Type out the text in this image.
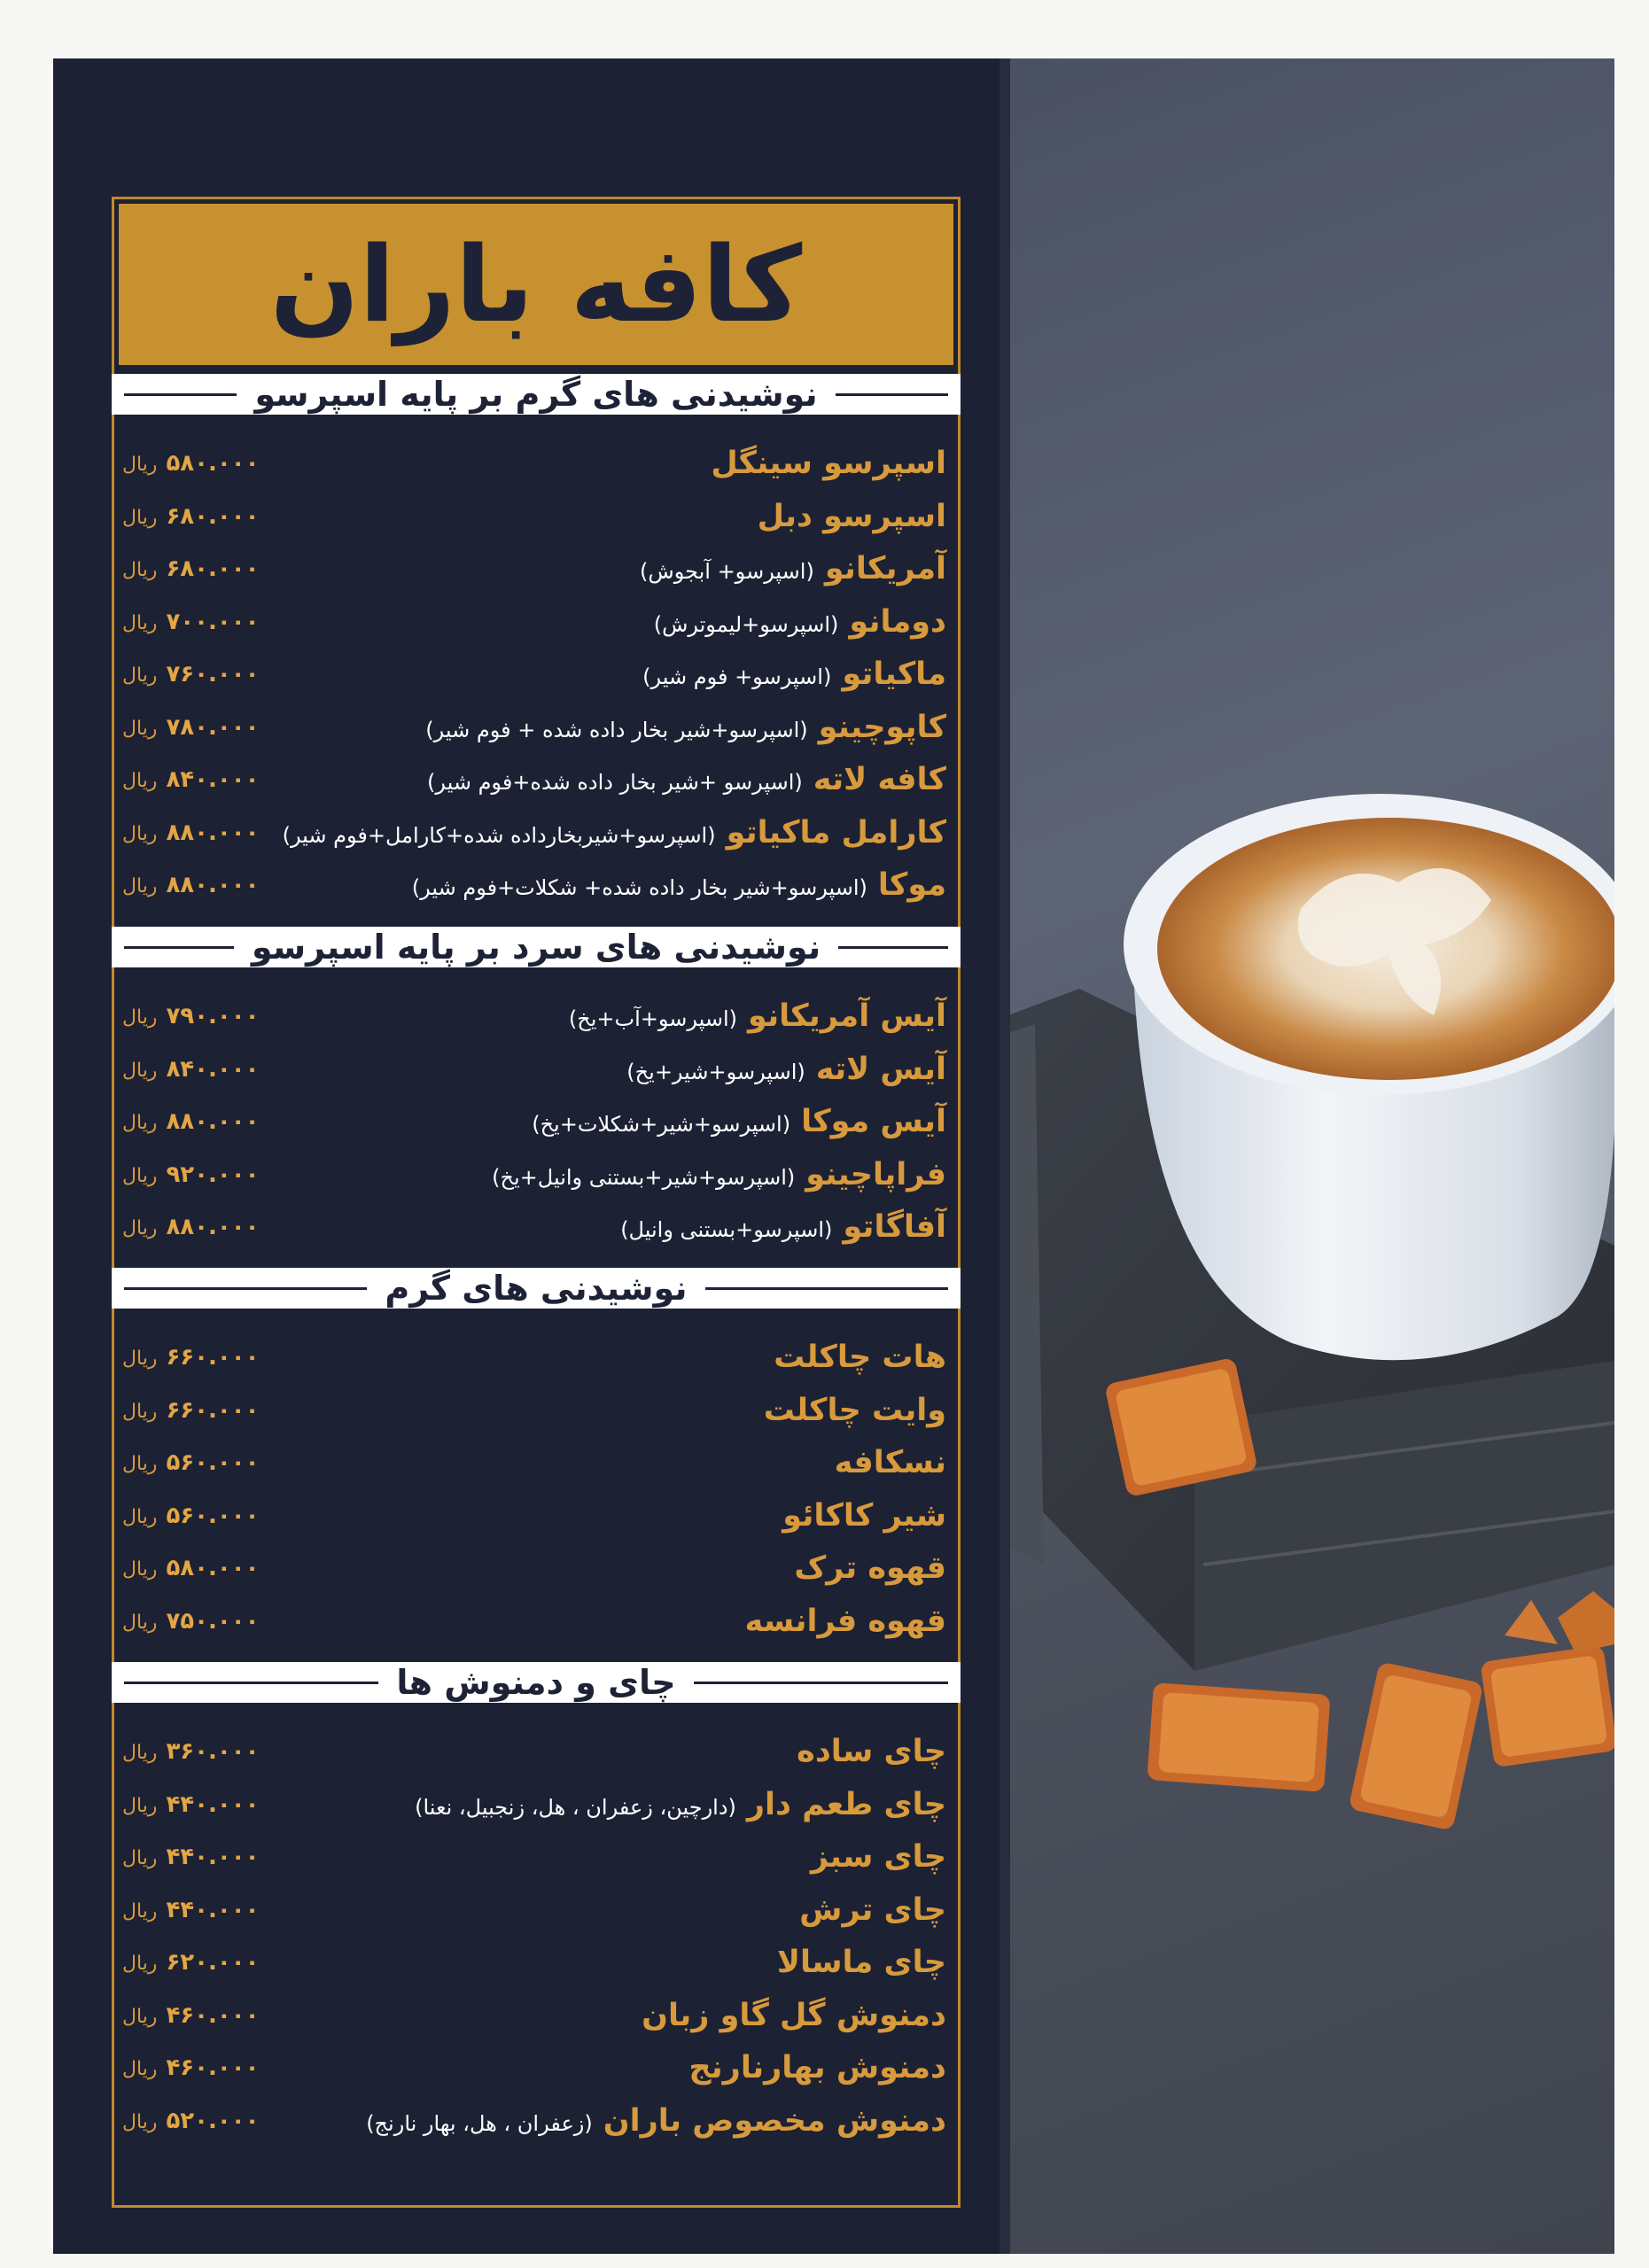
کافه باران
نوشیدنی های گرم بر پایه اسپرسو
ریال ۵۸۰.۰۰۰	اسپرسو سینگل
ریال ۶۸۰.۰۰۰	اسپرسو دبل
ریال ۶۸۰.۰۰۰	آمریکانو
(اسپرسو+ آبجوش)
ریال ۷۰۰.۰۰۰	دومانو
(اسپرسو+لیموترش)
ریال ۷۶۰.۰۰۰	ماکیاتو
(اسپرسو+ فوم شیر)
ریال ۷۸۰.۰۰۰	کاپوچینو
(اسپرسو+شیر بخار داده شده + فوم شیر)
ریال ۸۴۰.۰۰۰	کافه لاته
(اسپرسو +شیر بخار داده شده+فوم شیر)
ریال ۸۸۰.۰۰۰	کارامل ماکیاتو
(اسپرسو+شیربخارداده شده+کارامل+فوم شیر)
ریال ۸۸۰.۰۰۰	موکا
(اسپرسو+شیر بخار داده شده+ شکلات+فوم شیر)
نوشیدنی های سرد بر پایه اسپرسو
ریال ۷۹۰.۰۰۰	آیس آمریکانو
(اسپرسو+آب+یخ)
ریال ۸۴۰.۰۰۰	آیس لاته
(اسپرسو+شیر+یخ)
ریال ۸۸۰.۰۰۰	آیس موکا
(اسپرسو+شیر+شکلات+یخ)
ریال ۹۲۰.۰۰۰	فراپاچینو
(اسپرسو+شیر+بستنی وانیل+یخ)
ریال ۸۸۰.۰۰۰	آفاگاتو
(اسپرسو+بستنی وانیل)
نوشیدنی های گرم
ریال ۶۶۰.۰۰۰	هات چاکلت
ریال ۶۶۰.۰۰۰	وایت چاکلت
ریال ۵۶۰.۰۰۰	نسکافه
ریال ۵۶۰.۰۰۰	شیر کاکائو
ریال ۵۸۰.۰۰۰	قهوه ترک
ریال ۷۵۰.۰۰۰	قهوه فرانسه
چای و دمنوش ها
ریال ۳۶۰.۰۰۰	چای ساده
ریال ۴۴۰.۰۰۰	چای طعم دار
(دارچین، زعفران ، هل، زنجبیل، نعنا)
ریال ۴۴۰.۰۰۰	چای سبز
ریال ۴۴۰.۰۰۰	چای ترش
ریال ۶۲۰.۰۰۰	چای ماسالا
ریال ۴۶۰.۰۰۰	دمنوش گل گاو زبان
ریال ۴۶۰.۰۰۰	دمنوش بهارنارنج
ریال ۵۲۰.۰۰۰	دمنوش مخصوص باران
(زعفران ، هل، بهار نارنج)
